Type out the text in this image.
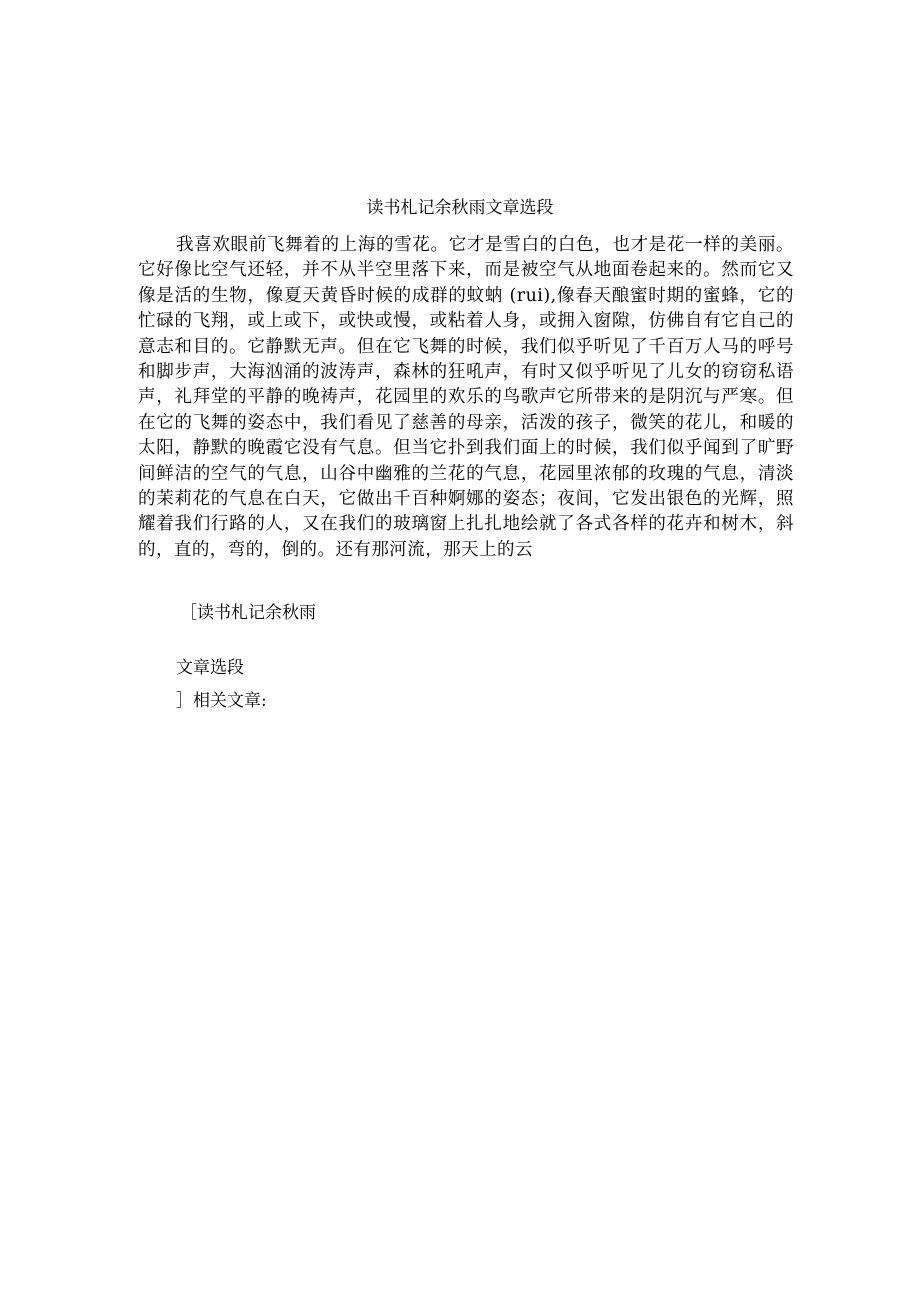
读书札记余秋雨文章选段

我喜欢眼前飞舞着的上海的雪花。它才是雪白的白色，也才是花一样的美丽。它好像比空气还轻，并不从半空里落下来，而是被空气从地面卷起来的。然而它又像是活的生物，像夏天黄昏时候的成群的蚊蚋 (rui),像春天酿蜜时期的蜜蜂，它的忙碌的飞翔，或上或下，或快或慢，或粘着人身，或拥入窗隙，仿佛自有它自己的意志和目的。它静默无声。但在它飞舞的时候，我们似乎听见了千百万人马的呼号和脚步声，大海汹涌的波涛声，森林的狂吼声，有时又似乎听见了儿女的窃窃私语声，礼拜堂的平静的晚祷声，花园里的欢乐的鸟歌声它所带来的是阴沉与严寒。但在它的飞舞的姿态中，我们看见了慈善的母亲，活泼的孩子，微笑的花儿，和暖的太阳，静默的晚霞它没有气息。但当它扑到我们面上的时候，我们似乎闻到了旷野间鲜洁的空气的气息，山谷中幽雅的兰花的气息，花园里浓郁的玫瑰的气息，清淡的茉莉花的气息在白天，它做出千百种婀娜的姿态；夜间，它发出银色的光辉，照耀着我们行路的人，又在我们的玻璃窗上扎扎地绘就了各式各样的花卉和树木，斜的，直的，弯的，倒的。还有那河流，那天上的云

［读书札记余秋雨

文章选段

］相关文章:
